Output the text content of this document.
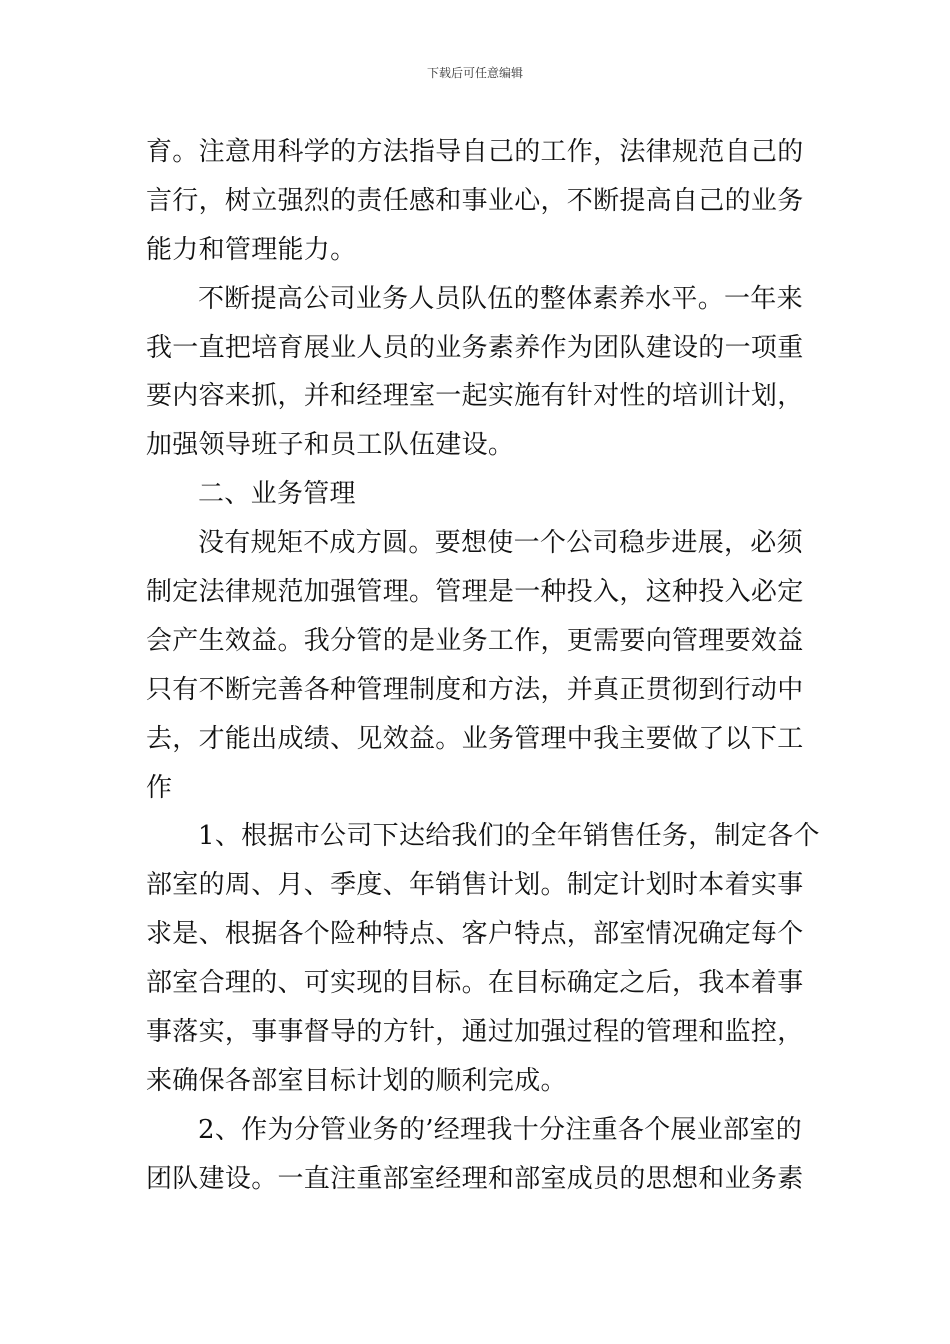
下载后可任意编辑
育。注意用科学的方法指导自己的工作，法律规范自己的
言行，树立强烈的责任感和事业心，不断提高自己的业务
能力和管理能力。
不断提高公司业务人员队伍的整体素养水平。一年来
我一直把培育展业人员的业务素养作为团队建设的一项重
要内容来抓，并和经理室一起实施有针对性的培训计划，
加强领导班子和员工队伍建设。
二、业务管理
没有规矩不成方圆。要想使一个公司稳步进展，必须
制定法律规范加强管理。管理是一种投入，这种投入必定
会产生效益。我分管的是业务工作，更需要向管理要效益
只有不断完善各种管理制度和方法，并真正贯彻到行动中
去，才能出成绩、见效益。业务管理中我主要做了以下工
作
1、根据市公司下达给我们的全年销售任务，制定各个
部室的周、月、季度、年销售计划。制定计划时本着实事
求是、根据各个险种特点、客户特点，部室情况确定每个
部室合理的、可实现的目标。在目标确定之后，我本着事
事落实，事事督导的方针，通过加强过程的管理和监控，
来确保各部室目标计划的顺利完成。
2、作为分管业务的’经理我十分注重各个展业部室的
团队建设。一直注重部室经理和部室成员的思想和业务素
